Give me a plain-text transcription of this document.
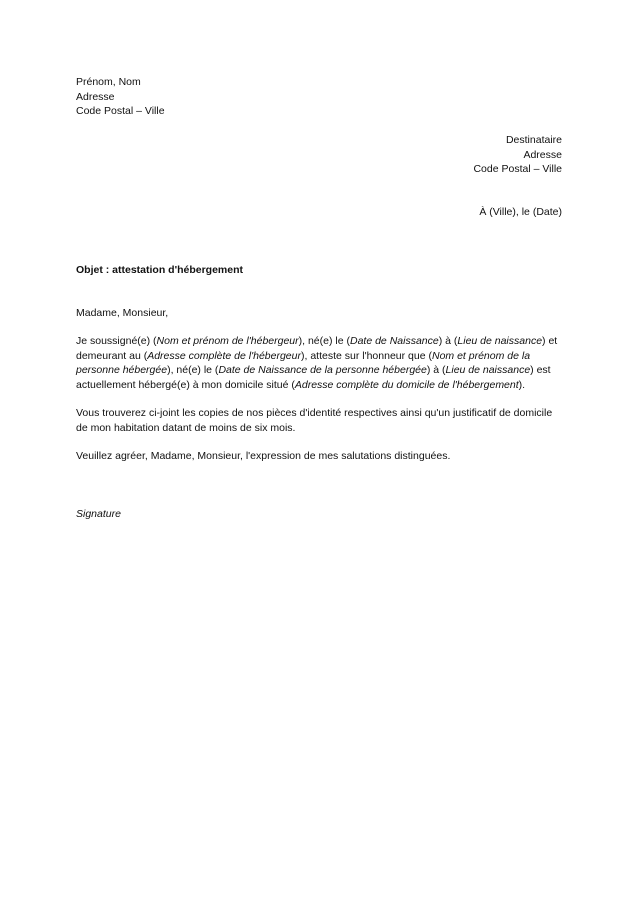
Prénom, Nom
Adresse
Code Postal – Ville
Destinataire
Adresse
Code Postal – Ville
À (Ville), le (Date)
Objet : attestation d'hébergement
Madame, Monsieur,
Je soussigné(e) (Nom et prénom de l'hébergeur), né(e) le (Date de Naissance) à (Lieu de naissance) et demeurant au (Adresse complète de l'hébergeur), atteste sur l'honneur que (Nom et prénom de la personne hébergée), né(e) le (Date de Naissance de la personne hébergée) à (Lieu de naissance) est actuellement hébergé(e) à mon domicile situé (Adresse complète du domicile de l'hébergement).
Vous trouverez ci-joint les copies de nos pièces d'identité respectives ainsi qu'un justificatif de domicile de mon habitation datant de moins de six mois.
Veuillez agréer, Madame, Monsieur, l'expression de mes salutations distinguées.
Signature
